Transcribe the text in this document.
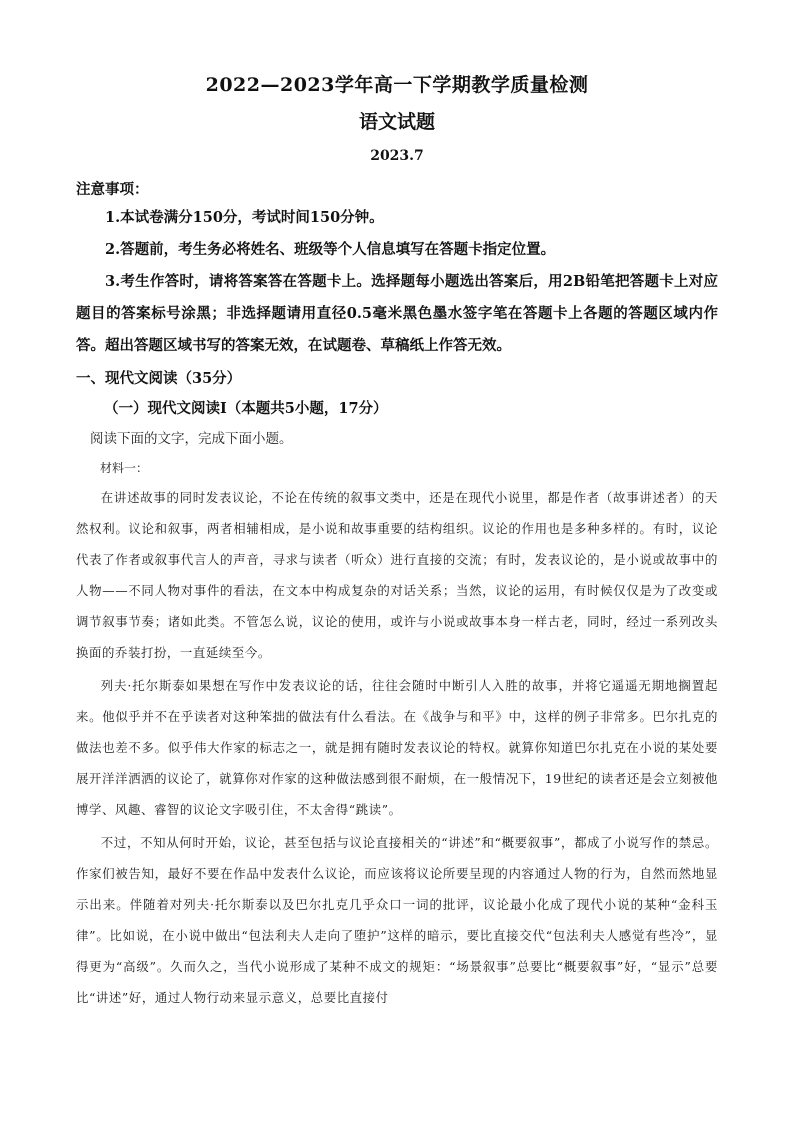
2022—2023学年高一下学期教学质量检测
语文试题
2023.7
注意事项：

1.本试卷满分150分，考试时间150分钟。

2.答题前，考生务必将姓名、班级等个人信息填写在答题卡指定位置。

3.考生作答时，请将答案答在答题卡上。选择题每小题选出答案后，用2B铅笔把答题卡上对应题目的答案标号涂黑；非选择题请用直径0.5毫米黑色墨水签字笔在答题卡上各题的答题区域内作答。超出答题区域书写的答案无效，在试题卷、草稿纸上作答无效。

一、现代文阅读（35分）
（一）现代文阅读Ⅰ（本题共5小题，17分）
阅读下面的文字，完成下面小题。
材料一：

在讲述故事的同时发表议论，不论在传统的叙事文类中，还是在现代小说里，都是作者（故事讲述者）的天然权利。议论和叙事，两者相辅相成，是小说和故事重要的结构组织。议论的作用也是多种多样的。有时，议论代表了作者或叙事代言人的声音，寻求与读者（听众）进行直接的交流；有时，发表议论的，是小说或故事中的人物——不同人物对事件的看法，在文本中构成复杂的对话关系；当然，议论的运用，有时候仅仅是为了改变或调节叙事节奏；诸如此类。不管怎么说，议论的使用，或许与小说或故事本身一样古老，同时，经过一系列改头换面的乔装打扮，一直延续至今。

列夫·托尔斯泰如果想在写作中发表议论的话，往往会随时中断引人入胜的故事，并将它遥遥无期地搁置起来。他似乎并不在乎读者对这种笨拙的做法有什么看法。在《战争与和平》中，这样的例子非常多。巴尔扎克的做法也差不多。似乎伟大作家的标志之一，就是拥有随时发表议论的特权。就算你知道巴尔扎克在小说的某处要展开洋洋洒洒的议论了，就算你对作家的这种做法感到很不耐烦，在一般情况下，19世纪的读者还是会立刻被他博学、风趣、睿智的议论文字吸引住，不太舍得“跳读”。

不过，不知从何时开始，议论，甚至包括与议论直接相关的“讲述”和“概要叙事”，都成了小说写作的禁忌。作家们被告知，最好不要在作品中发表什么议论，而应该将议论所要呈现的内容通过人物的行为，自然而然地显示出来。伴随着对列夫·托尔斯泰以及巴尔扎克几乎众口一词的批评，议论最小化成了现代小说的某种“金科玉律”。比如说，在小说中做出“包法利夫人走向了堕护”这样的暗示，要比直接交代“包法利夫人感觉有些冷”，显得更为“高级”。久而久之，当代小说形成了某种不成文的规矩：“场景叙事”总要比“概要叙事”好，“显示”总要比“讲述”好，通过人物行动来显示意义，总要比直接付
